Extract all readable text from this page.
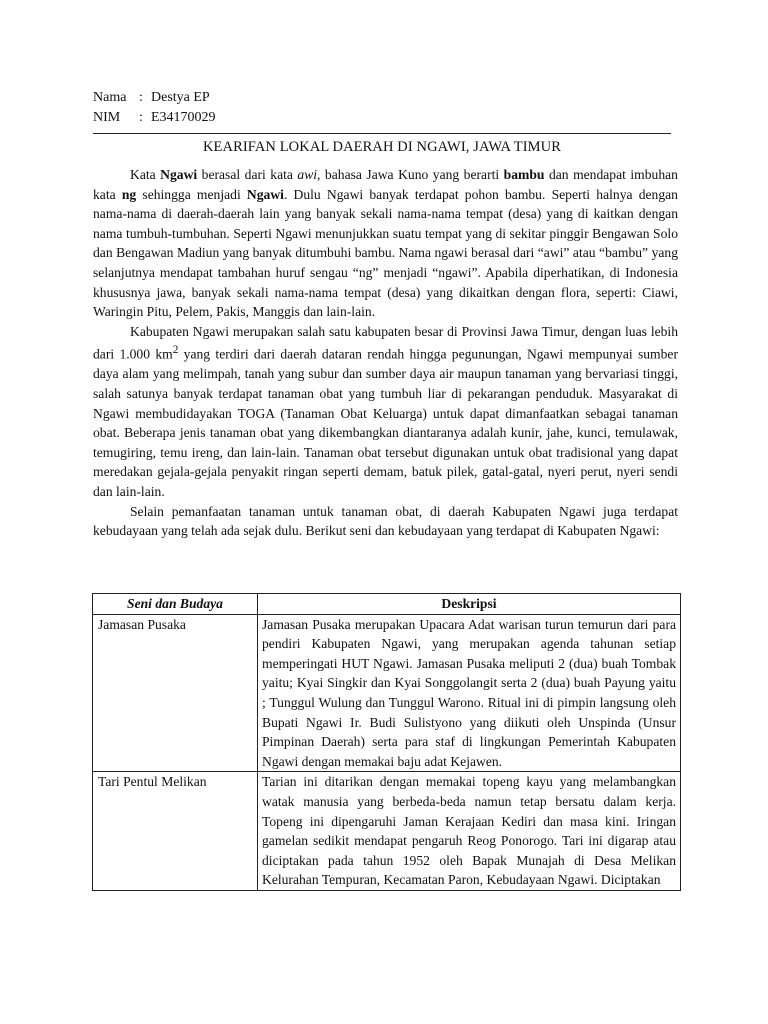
Nama : Destya EP
NIM	: E34170029
KEARIFAN LOKAL DAERAH DI NGAWI, JAWA TIMUR

Kata Ngawi berasal dari kata awi, bahasa Jawa Kuno yang berarti bambu dan mendapat imbuhan kata ng sehingga menjadi Ngawi. Dulu Ngawi banyak terdapat pohon bambu. Seperti halnya dengan nama-nama di daerah-daerah lain yang banyak sekali nama-nama tempat (desa) yang di kaitkan dengan nama tumbuh-tumbuhan. Seperti Ngawi menunjukkan suatu tempat yang di sekitar pinggir Bengawan Solo dan Bengawan Madiun yang banyak ditumbuhi bambu. Nama ngawi berasal dari “awi” atau “bambu” yang selanjutnya mendapat tambahan huruf sengau “ng” menjadi “ngawi”. Apabila diperhatikan, di Indonesia khususnya jawa, banyak sekali nama-nama tempat (desa) yang dikaitkan dengan flora, seperti: Ciawi, Waringin Pitu, Pelem, Pakis, Manggis dan lain-lain.

Kabupaten Ngawi merupakan salah satu kabupaten besar di Provinsi Jawa Timur, dengan luas lebih dari 1.000 $km^2$ yang terdiri dari daerah dataran rendah hingga pegunungan, Ngawi mempunyai sumber daya alam yang melimpah, tanah yang subur dan sumber daya air maupun tanaman yang bervariasi tinggi, salah satunya banyak terdapat tanaman obat yang tumbuh liar di pekarangan penduduk. Masyarakat di Ngawi membudidayakan TOGA (Tanaman Obat Keluarga) untuk dapat dimanfaatkan sebagai tanaman obat. Beberapa jenis tanaman obat yang dikembangkan diantaranya adalah kunir, jahe, kunci, temulawak, temugiring, temu ireng, dan lain-lain. Tanaman obat tersebut digunakan untuk obat tradisional yang dapat meredakan gejala-gejala penyakit ringan seperti demam, batuk pilek, gatal-gatal, nyeri perut, nyeri sendi dan lain-lain.

Selain pemanfaatan tanaman untuk tanaman obat, di daerah Kabupaten Ngawi juga terdapat kebudayaan yang telah ada sejak dulu. Berikut seni dan kebudayaan yang terdapat di Kabupaten Ngawi:

Seni dan Budaya	Deskripsi
Jamasan Pusaka	Jamasan Pusaka merupakan Upacara Adat warisan turun temurun dari para pendiri Kabupaten Ngawi, yang merupakan agenda tahunan setiap memperingati HUT Ngawi. Jamasan Pusaka meliputi 2 (dua) buah Tombak yaitu; Kyai Singkir dan Kyai Songgolangit serta 2 (dua) buah Payung yaitu ; Tunggul Wulung dan Tunggul Warono. Ritual ini di pimpin langsung oleh Bupati Ngawi Ir. Budi Sulistyono yang diikuti oleh Unspinda (Unsur Pimpinan Daerah) serta para staf di lingkungan Pemerintah Kabupaten Ngawi dengan memakai baju adat Kejawen.
Tari Pentul Melikan	Tarian ini ditarikan dengan memakai topeng kayu yang melambangkan watak manusia yang berbeda-beda namun tetap bersatu dalam kerja. Topeng ini dipengaruhi Jaman Kerajaan Kediri dan masa kini. Iringan gamelan sedikit mendapat pengaruh Reog Ponorogo. Tari ini digarap atau diciptakan pada tahun 1952 oleh Bapak Munajah di Desa Melikan Kelurahan Tempuran, Kecamatan Paron, Kebudayaan Ngawi. Diciptakan
